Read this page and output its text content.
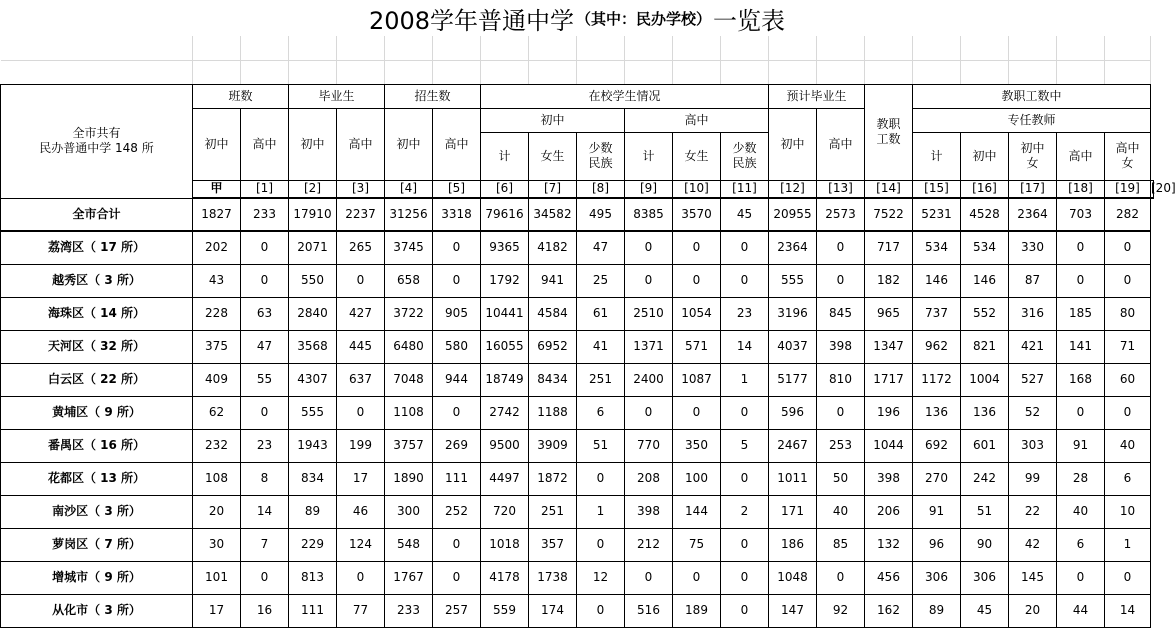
2008学年普通中学 （其中：民办学校） 一览表

全市共有
民办普通中学 148 所	班数		毕业生		招生数		在校学生情况						预计毕业生		教职工数	教职工数中					

	初中	高中	初中	高中	初中	高中	初中			高中			初中	高中		专任教师					
							计	女生	少数民族	计	女生	少数民族				计	初中	初中女	高中	高中女	

	甲	[1]	[2]	[3]	[4]	[5]	[6]	[7]	[8]	[9]	[10]	[11]	[12]	[13]	[14]	[15]	[16]	[17]	[18]	[19]	[20]
全市合计	1827	233	17910	2237	31256	3318	79616	34582	495	8385	3570	45	20955	2573	7522	5231	4528	2364	703	282	
荔湾区（ 17 所）	202	0	2071	265	3745	0	9365	4182	47	0	0	0	2364	0	717	534	534	330	0	0	
越秀区（ 3 所）	43	0	550	0	658	0	1792	941	25	0	0	0	555	0	182	146	146	87	0	0	
海珠区（ 14 所）	228	63	2840	427	3722	905	10441	4584	61	2510	1054	23	3196	845	965	737	552	316	185	80	
天河区（ 32 所）	375	47	3568	445	6480	580	16055	6952	41	1371	571	14	4037	398	1347	962	821	421	141	71	
白云区（ 22 所）	409	55	4307	637	7048	944	18749	8434	251	2400	1087	1	5177	810	1717	1172	1004	527	168	60	
黄埔区（ 9 所）	62	0	555	0	1108	0	2742	1188	6	0	0	0	596	0	196	136	136	52	0	0	
番禺区（ 16 所）	232	23	1943	199	3757	269	9500	3909	51	770	350	5	2467	253	1044	692	601	303	91	40	
花都区（ 13 所）	108	8	834	17	1890	111	4497	1872	0	208	100	0	1011	50	398	270	242	99	28	6	
南沙区（ 3 所）	20	14	89	46	300	252	720	251	1	398	144	2	171	40	206	91	51	22	40	10	
萝岗区（ 7 所）	30	7	229	124	548	0	1018	357	0	212	75	0	186	85	132	96	90	42	6	1	
增城市（ 9 所）	101	0	813	0	1767	0	4178	1738	12	0	0	0	1048	0	456	306	306	145	0	0	
从化市（ 3 所）	17	16	111	77	233	257	559	174	0	516	189	0	147	92	162	89	45	20	44	14	
